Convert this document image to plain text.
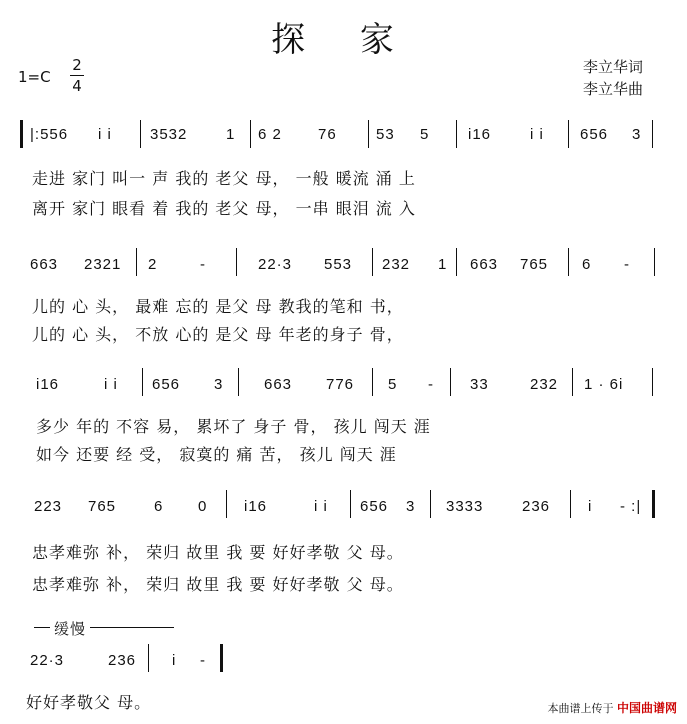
探 家
李立华词
李立华曲
1=C
2
4
|:556 i i	3532	1 6 2 76	53 5	i16	i i 656 3
走进 家门 叫一 声 我的 老父 母， 一般 暖流 涌 上
离开 家门 眼看 着 我的 老父 母， 一串 眼泪 流 入
663 2321 2	-	22·3 553 232 1 663 765 6 -
儿的 心 头， 最难 忘的 是父 母 教我的笔和 书，
儿的 心 头， 不放 心的 是父 母 年老的身子 骨，
i16	i i 656 3	663 776 5 - 33	232 1 · 6i
多少 年的 不容 易， 累坏了 身子 骨， 孩儿 闯天 涯
如今 还要 经 受， 寂寞的 痛 苦， 孩儿 闯天 涯
223 765	6 0 i16	i i 656 3 3333	236	i - :|
忠孝难弥 补， 荣归 故里 我 要 好好孝敬 父 母。
忠孝难弥 补， 荣归 故里 我 要 好好孝敬 父 母。
缓慢
22·3	236 i -
好好孝敬父 母。	本曲谱上传于 中国曲谱网
